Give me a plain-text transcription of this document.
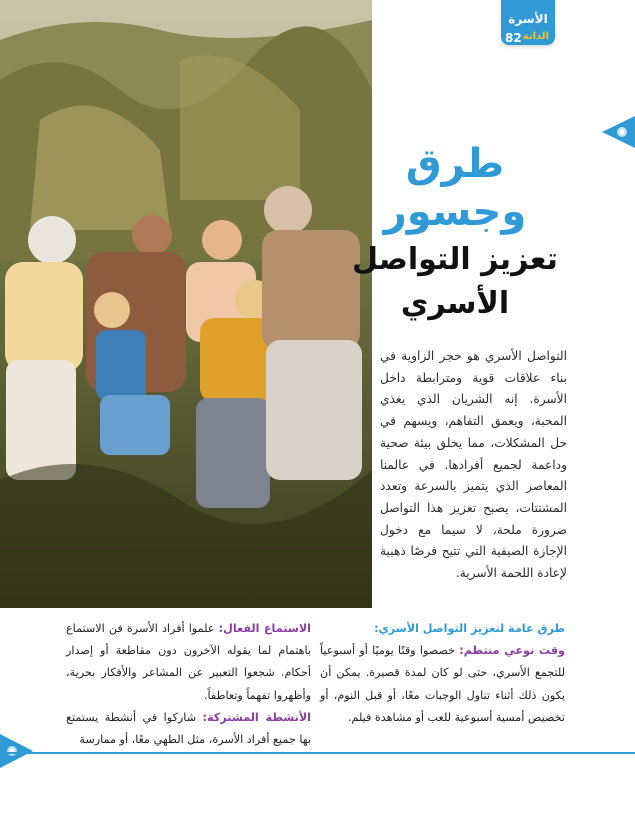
الأسرة
82 الدانة
طرق
وجسور
تعزيز التواصل
الأسري
التواصل الأسري هو حجر الزاوية في بناء علاقات قوية ومترابطة داخل الأسرة. إنه الشريان الذي يغذي المحبة، ويعمق التفاهم، ويسهم في حل المشكلات، مما يخلق بيئة صحية وداعمة لجميع أفرادها. في عالمنا المعاصر الذي يتميز بالسرعة وتعدد المشتتات، يصبح تعزيز هذا التواصل ضرورة ملحة، لا سيما مع دخول الإجازة الصيفية التي تتيح فرصًا ذهبية لإعادة اللحمة الأسرية.
طرق عامة لتعزيز التواصل الأسري:
وقت نوعي منتظم: خصصوا وقتًا يوميًا أو أسبوعياً للتجمع الأسري، حتى لو كان لمدة قصيرة. يمكن أن يكون ذلك أثناء تناول الوجبات معًا، أو قبل النوم، أو تخصيص أمسية أسبوعية للعب أو مشاهدة فيلم.
الاستماع الفعال: علموا أفراد الأسرة فن الاستماع باهتمام لما يقوله الآخرون دون مقاطعة أو إصدار أحكام. شجعوا التعبير عن المشاعر والأفكار بحرية، وأظهروا تفهماً وتعاطفاً.
الأنشطة المشتركة: شاركوا في أنشطة يستمتع بها جميع أفراد الأسرة، مثل الطهي معًا، أو ممارسة
